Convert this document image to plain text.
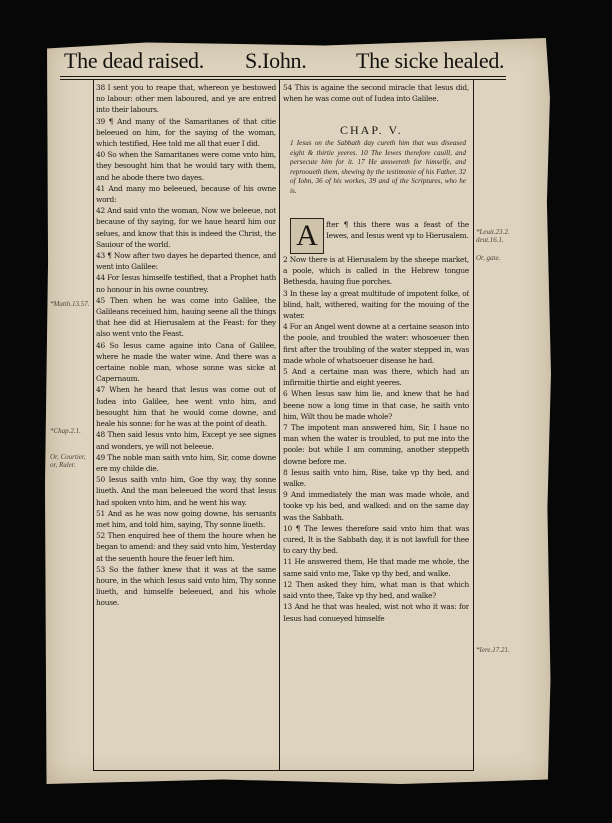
The dead raised. S.Iohn. The sicke healed.
*Matth.13.57.
*Chap.2.1.
Or, Courtier, or, Ruler.
*Leuit.23.2. deut.16.1.
Or, gate.
*Iere.17.21.

38 I sent you to reape that, whereon ye bestowed no labour: other men laboured, and ye are entred into their labours.

39 ¶ And many of the Samaritanes of that citie beleeued on him, for the saying of the woman, which testified, Hee told me all that euer I did.

40 So when the Samaritanes were come vnto him, they besought him that he would tary with them, and he abode there two dayes.

41 And many mo beleeued, because of his owne word:

42 And said vnto the woman, Now we beleeue, not because of thy saying, for we haue heard him our selues, and know that this is indeed the Christ, the Sauiour of the world.

43 ¶ Now after two dayes he departed thence, and went into Galilee:

44 For Iesus himselfe testified, that a Prophet hath no honour in his owne countrey.

45 Then when he was come into Galilee, the Galileans receiued him, hauing seene all the things that hee did at Hierusalem at the Feast: for they also went vnto the Feast.

46 So Iesus came againe into Cana of Galilee, where he made the water wine. And there was a certaine noble man, whose sonne was sicke at Capernaum.

47 When he heard that Iesus was come out of Iudea into Galilee, hee went vnto him, and besought him that he would come downe, and heale his sonne: for he was at the point of death.

48 Then said Iesus vnto him, Except ye see signes and wonders, ye will not beleeue.

49 The noble man saith vnto him, Sir, come downe ere my childe die.

50 Iesus saith vnto him, Goe thy way, thy sonne liueth. And the man beleeued the word that Iesus had spoken vnto him, and he went his way.

51 And as he was now going downe, his seruants met him, and told him, saying, Thy sonne liueth.

52 Then enquired hee of them the houre when he began to amend: and they said vnto him, Yesterday at the seuenth houre the feuer left him.

53 So the father knew that it was at the same houre, in the which Iesus said vnto him, Thy sonne liueth, and himselfe beleeued, and his whole house.

54 This is againe the second miracle that Iesus did, when he was come out of Iudea into Galilee.

CHAP. V.
1 Iesus on the Sabbath day cureth him that was diseased eight & thirtie yeeres. 10 The Iewes therefore cauill, and persecute him for it. 17 He answereth for himselfe, and reprooueth them, shewing by the testimonie of his Father, 32 of Iohn, 36 of his workes, 39 and of the Scriptures, who he is.
A	fter ¶ this there was a feast of the Iewes, and Iesus went vp to Hierusalem.

2 Now there is at Hierusalem by the sheepe market, a poole, which is called in the Hebrew tongue Bethesda, hauing fiue porches.

3 In these lay a great multitude of impotent folke, of blind, halt, withered, waiting for the mouing of the water.

4 For an Angel went downe at a certaine season into the poole, and troubled the water: whosoeuer then first after the troubling of the water stepped in, was made whole of whatsoeuer disease he had.

5 And a certaine man was there, which had an infirmitie thirtie and eight yeeres.

6 When Iesus saw him lie, and knew that he had beene now a long time in that case, he saith vnto him, Wilt thou be made whole?

7 The impotent man answered him, Sir, I haue no man when the water is troubled, to put me into the poole: but while I am comming, another steppeth downe before me.

8 Iesus saith vnto him, Rise, take vp thy bed, and walke.

9 And immediately the man was made whole, and tooke vp his bed, and walked: and on the same day was the Sabbath.

10 ¶ The Iewes therefore said vnto him that was cured, It is the Sabbath day, it is not lawfull for thee to cary thy bed.

11 He answered them, He that made me whole, the same said vnto me, Take vp thy bed, and walke.

12 Then asked they him, what man is that which said vnto thee, Take vp thy bed, and walke?

13 And he that was healed, wist not who it was: for Iesus had conueyed himselfe
